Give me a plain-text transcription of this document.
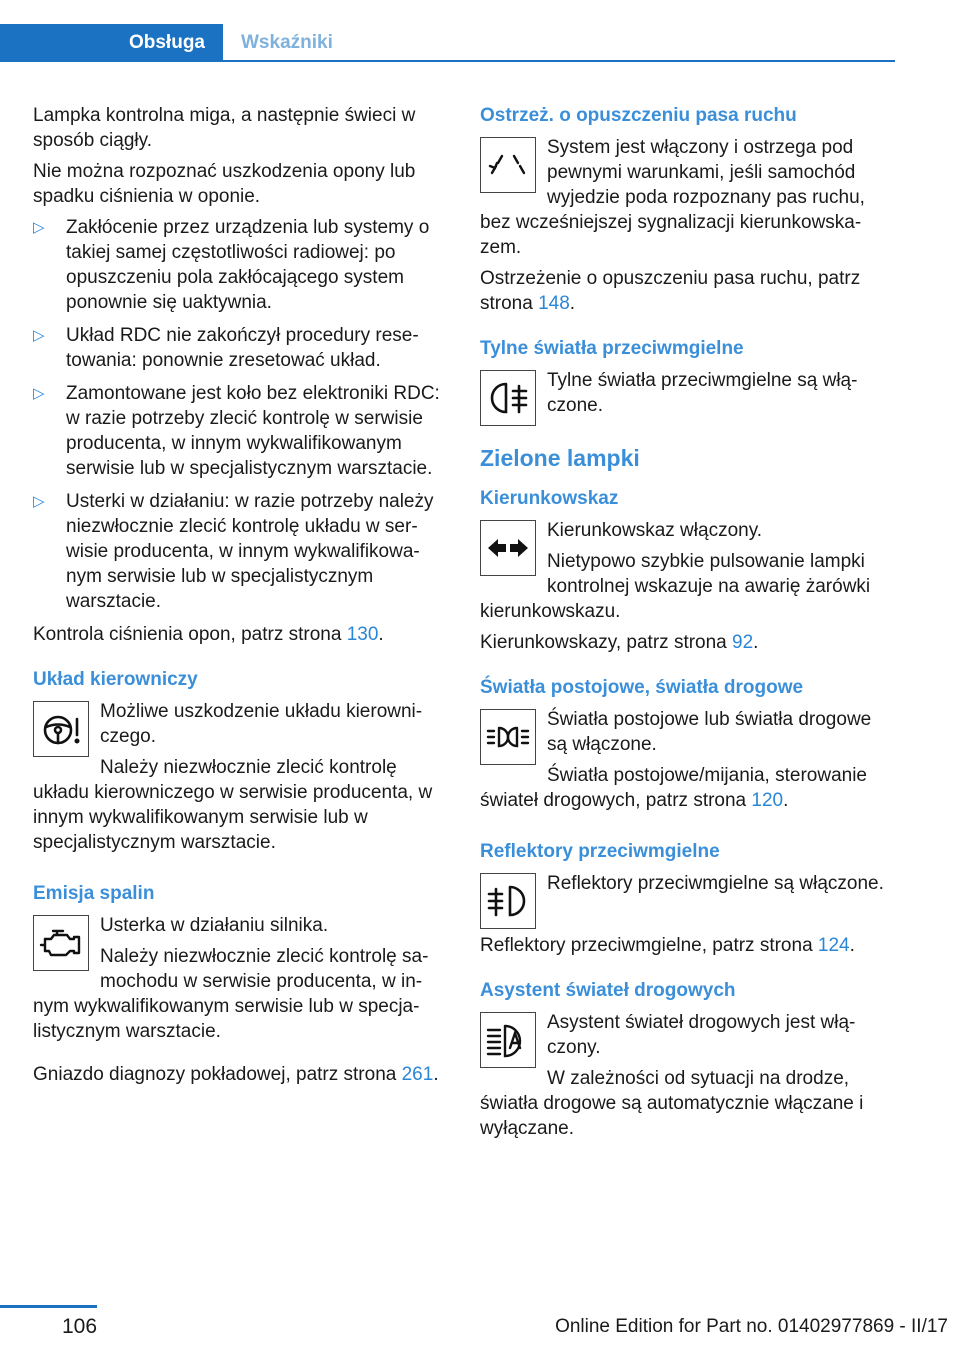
Obsługa	Wskaźniki

Lampka kontrolna miga, a następnie świeci w sposób ciągły.

Nie można rozpoznać uszkodzenia opony lub spadku ciśnienia w oponie.

▷ Zakłócenie przez urządzenia lub systemy o takiej samej częstotliwości radiowej: po opuszczeniu pola zakłócającego system ponownie się uaktywnia.
▷ Układ RDC nie zakończył procedury resetowania: ponownie zresetować układ.
▷ Zamontowane jest koło bez elektroniki RDC: w razie potrzeby zlecić kontrolę w serwisie producenta, w innym wykwalifikowanym serwisie lub w specjalistycznym warsztacie.
▷ Usterki w działaniu: w razie potrzeby należy niezwłocznie zlecić kontrolę układu w serwisie producenta, w innym wykwalifikowanym serwisie lub w specjalistycznym warsztacie.

Kontrola ciśnienia opon, patrz strona 130.

Układ kierowniczy

Możliwe uszkodzenie układu kierowniczego.

Należy niezwłocznie zlecić kontrolę układu kierowniczego w serwisie producenta, w innym wykwalifikowanym serwisie lub w specjalistycznym warsztacie.

Emisja spalin

Usterka w działaniu silnika.

Należy niezwłocznie zlecić kontrolę samochodu w serwisie producenta, w innym wykwalifikowanym serwisie lub w specjalistycznym warsztacie.

Gniazdo diagnozy pokładowej, patrz strona 261.

Ostrzeż. o opuszczeniu pasa ruchu

System jest włączony i ostrzega pod pewnymi warunkami, jeśli samochód wyjedzie poda rozpoznany pas ruchu, bez wcześniejszej sygnalizacji kierunkowskazem.

Ostrzeżenie o opuszczeniu pasa ruchu, patrz strona 148.

Tylne światła przeciwmgielne

Tylne światła przeciwmgielne są włączone.

Zielone lampki
Kierunkowskaz

Kierunkowskaz włączony.

Nietypowo szybkie pulsowanie lampki kontrolnej wskazuje na awarię żarówki kierunkowskazu.

Kierunkowskazy, patrz strona 92.

Światła postojowe, światła drogowe

Światła postojowe lub światła drogowe są włączone.

Światła postojowe/mijania, sterowanie świateł drogowych, patrz strona 120.

Reflektory przeciwmgielne

Reflektory przeciwmgielne są włączone.

Reflektory przeciwmgielne, patrz strona 124.

Asystent świateł drogowych

Asystent świateł drogowych jest włączony.

W zależności od sytuacji na drodze, światła drogowe są automatycznie włączane i wyłączane.

106	Online Edition for Part no. 01402977869 - II/17
